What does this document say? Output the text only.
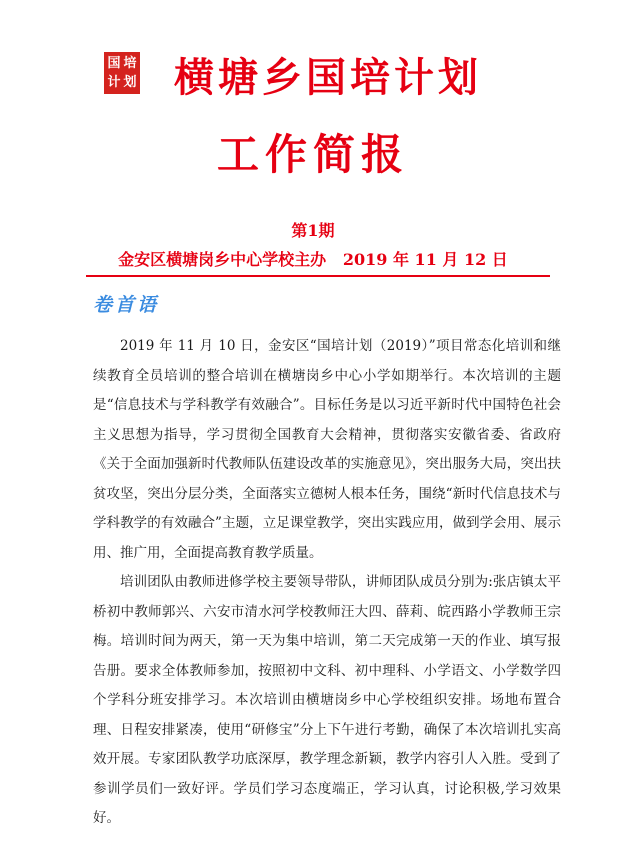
国 培
计 划 横塘乡国培计划
工作简报
第1期
金安区横塘岗乡中心学校主办   2019 年 11 月 12 日
卷首语

2019 年 11 月 10 日，金安区“国培计划（2019）”项目常态化培训和继续教育全员培训的整合培训在横塘岗乡中心小学如期举行。本次培训的主题是“信息技术与学科教学有效融合”。目标任务是以习近平新时代中国特色社会主义思想为指导，学习贯彻全国教育大会精神，贯彻落实安徽省委、省政府《关于全面加强新时代教师队伍建设改革的实施意见》，突出服务大局，突出扶贫攻坚，突出分层分类，全面落实立德树人根本任务，围绕“新时代信息技术与学科教学的有效融合”主题，立足课堂教学，突出实践应用，做到学会用、展示用、推广用，全面提高教育教学质量。

培训团队由教师进修学校主要领导带队，讲师团队成员分别为:张店镇太平桥初中教师郭兴、六安市清水河学校教师汪大四、薛莉、皖西路小学教师王宗梅。培训时间为两天，第一天为集中培训，第二天完成第一天的作业、填写报告册。要求全体教师参加，按照初中文科、初中理科、小学语文、小学数学四个学科分班安排学习。本次培训由横塘岗乡中心学校组织安排。场地布置合理、日程安排紧凑，使用“研修宝”分上下午进行考勤，确保了本次培训扎实高效开展。专家团队教学功底深厚，教学理念新颖，教学内容引人入胜。受到了参训学员们一致好评。学员们学习态度端正，学习认真，讨论积极,学习效果好。
